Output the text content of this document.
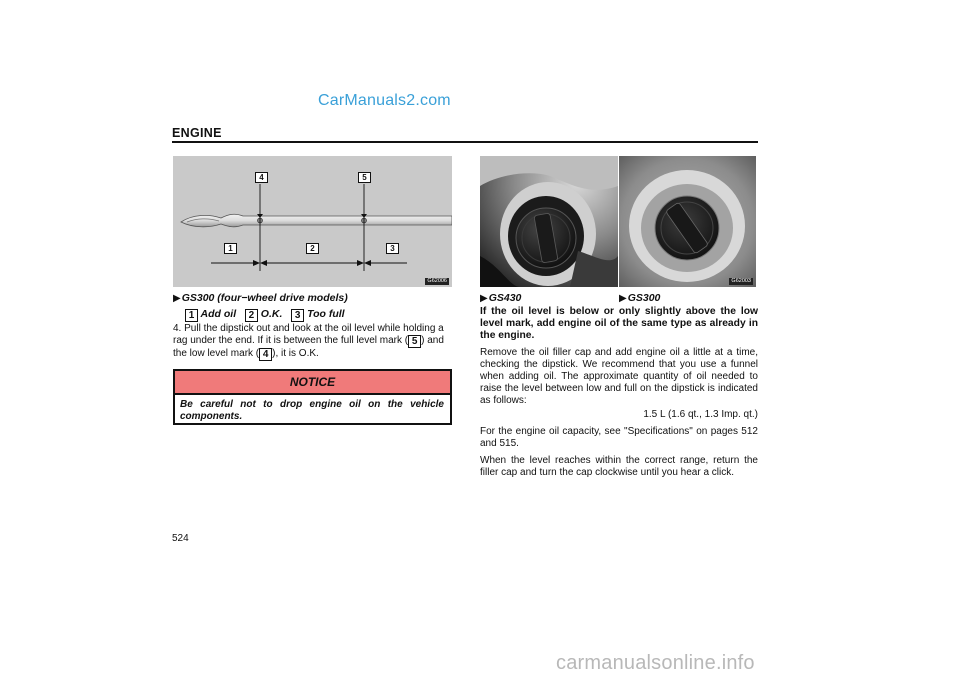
CarManuals2.com
ENGINE
4	5
1	2	3
G62006	G62003
▶GS300 (four−wheel drive models)
1 Add oil 2 O.K. 3 Too full
4. Pull the dipstick out and look at the oil level while holding a rag under the end. If it is between the full level mark ( 5 ) and the low level mark ( 4 ), it is O.K.
NOTICE
Be careful not to drop engine oil on the vehicle components.
▶GS430	▶GS300

If the oil level is below or only slightly above the low level mark, add engine oil of the same type as already in the engine.

Remove the oil filler cap and add engine oil a little at a time, checking the dipstick. We recommend that you use a funnel when adding oil. The approximate quantity of oil needed to raise the level between low and full on the dipstick is indicated as follows:

1.5 L (1.6 qt., 1.3 Imp. qt.)

For the engine oil capacity, see "Specifications" on pages 512 and 515.

When the level reaches within the correct range, return the filler cap and turn the cap clockwise until you hear a click.

524
carmanualsonline.info
